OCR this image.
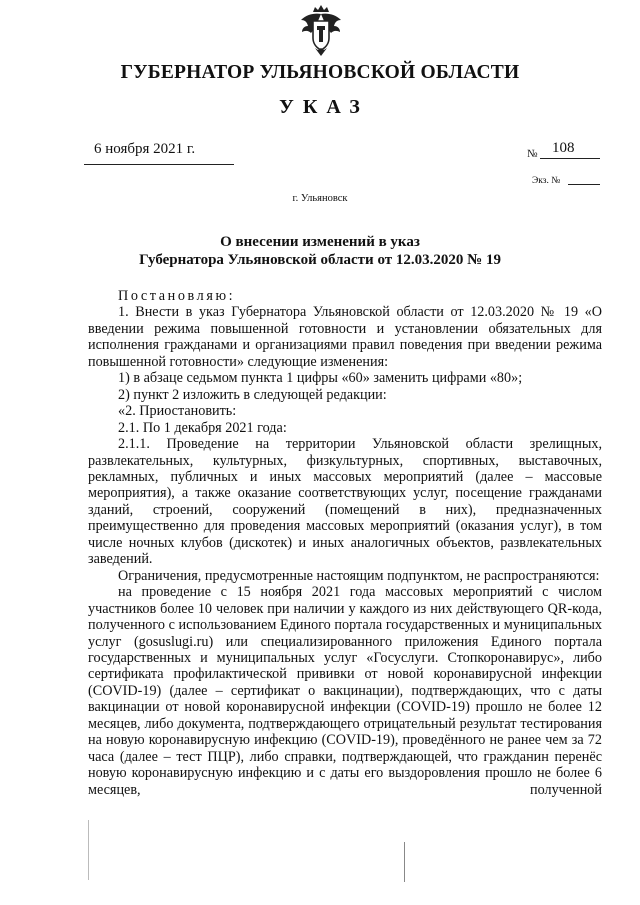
ГУБЕРНАТОР УЛЬЯНОВСКОЙ ОБЛАСТИ
УКАЗ
6 ноября 2021 г.	№ 108
Экз. №
г. Ульяновск
О внесении изменений в указ
Губернатора Ульяновской области от 12.03.2020 № 19

Постановляю:

1. Внести в указ Губернатора Ульяновской области от 12.03.2020 № 19 «О введении режима повышенной готовности и установлении обязательных для исполнения гражданами и организациями правил поведения при введении режима повышенной готовности» следующие изменения:

1) в абзаце седьмом пункта 1 цифры «60» заменить цифрами «80»;

2) пункт 2 изложить в следующей редакции:

«2. Приостановить:

2.1. По 1 декабря 2021 года:

2.1.1. Проведение на территории Ульяновской области зрелищных, развлекательных, культурных, физкультурных, спортивных, выставочных, рекламных, публичных и иных массовых мероприятий (далее – массовые мероприятия), а также оказание соответствующих услуг, посещение гражданами зданий, строений, сооружений (помещений в них), предназначенных преимущественно для проведения массовых мероприятий (оказания услуг), в том числе ночных клубов (дискотек) и иных аналогичных объектов, развлекательных заведений.

Ограничения, предусмотренные настоящим подпунктом, не распространяются:

на проведение с 15 ноября 2021 года массовых мероприятий с числом участников более 10 человек при наличии у каждого из них действующего QR-кода, полученного с использованием Единого портала государственных и муниципальных услуг (gosuslugi.ru) или специализированного приложения Единого портала государственных и муниципальных услуг «Госуслуги. Стопкоронавирус», либо сертификата профилактической прививки от новой коронавирусной инфекции (COVID-19) (далее – сертификат о вакцинации), подтверждающих, что с даты вакцинации от новой коронавирусной инфекции (COVID-19) прошло не более 12 месяцев, либо документа, подтверждающего отрицательный результат тестирования на новую коронавирусную инфекцию (COVID-19), проведённого не ранее чем за 72 часа (далее – тест ПЦР), либо справки, подтверждающей, что гражданин перенёс новую коронавирусную инфекцию и с даты его выздоровления прошло не более 6 месяцев, полученной
